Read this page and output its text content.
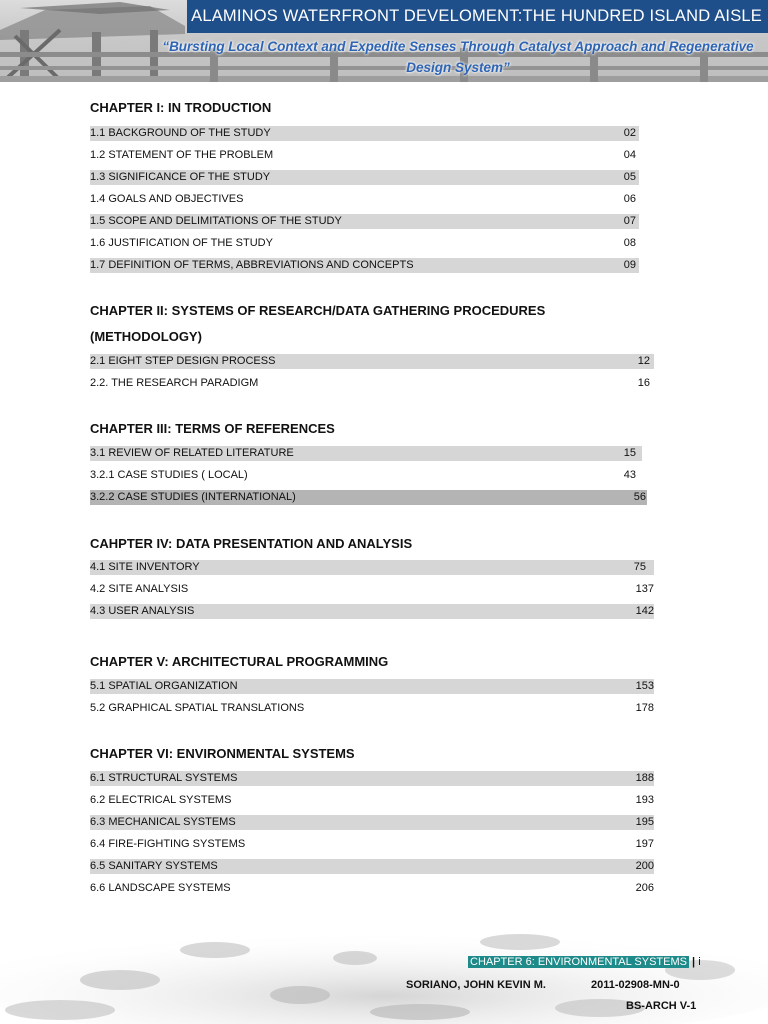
ALAMINOS WATERFRONT DEVELOMENT:THE HUNDRED ISLAND AISLE
“Bursting Local Context and Expedite Senses Through Catalyst Approach and Regenerative Design System”
CHAPTER I: IN TRODUCTION
1.1 BACKGROUND OF THE STUDY	02
1.2 STATEMENT OF THE PROBLEM	04
1.3 SIGNIFICANCE OF THE STUDY	05
1.4 GOALS AND OBJECTIVES	06
1.5 SCOPE AND DELIMITATIONS OF THE STUDY	07
1.6 JUSTIFICATION OF THE STUDY	08
1.7 DEFINITION OF TERMS, ABBREVIATIONS AND CONCEPTS	09
CHAPTER II: SYSTEMS OF RESEARCH/DATA GATHERING PROCEDURES
(METHODOLOGY)
2.1 EIGHT STEP DESIGN PROCESS	12
2.2. THE RESEARCH PARADIGM	16
CHAPTER III: TERMS OF REFERENCES
3.1 REVIEW OF RELATED LITERATURE	15
3.2.1 CASE STUDIES ( LOCAL)	43
3.2.2 CASE STUDIES (INTERNATIONAL)	56
CAHPTER IV: DATA PRESENTATION AND ANALYSIS
4.1 SITE INVENTORY	75
4.2 SITE ANALYSIS	137
4.3 USER ANALYSIS	142
CHAPTER V: ARCHITECTURAL PROGRAMMING
5.1 SPATIAL ORGANIZATION	153
5.2 GRAPHICAL SPATIAL TRANSLATIONS	178
CHAPTER VI: ENVIRONMENTAL SYSTEMS
6.1 STRUCTURAL SYSTEMS	188
6.2 ELECTRICAL SYSTEMS	193
6.3 MECHANICAL SYSTEMS	195
6.4 FIRE-FIGHTING SYSTEMS	197
6.5 SANITARY SYSTEMS	200
6.6 LANDSCAPE SYSTEMS	206
CHAPTER 6: ENVIRONMENTAL SYSTEMS | i
SORIANO, JOHN KEVIN M.	2011-02908-MN-0
BS-ARCH V-1
